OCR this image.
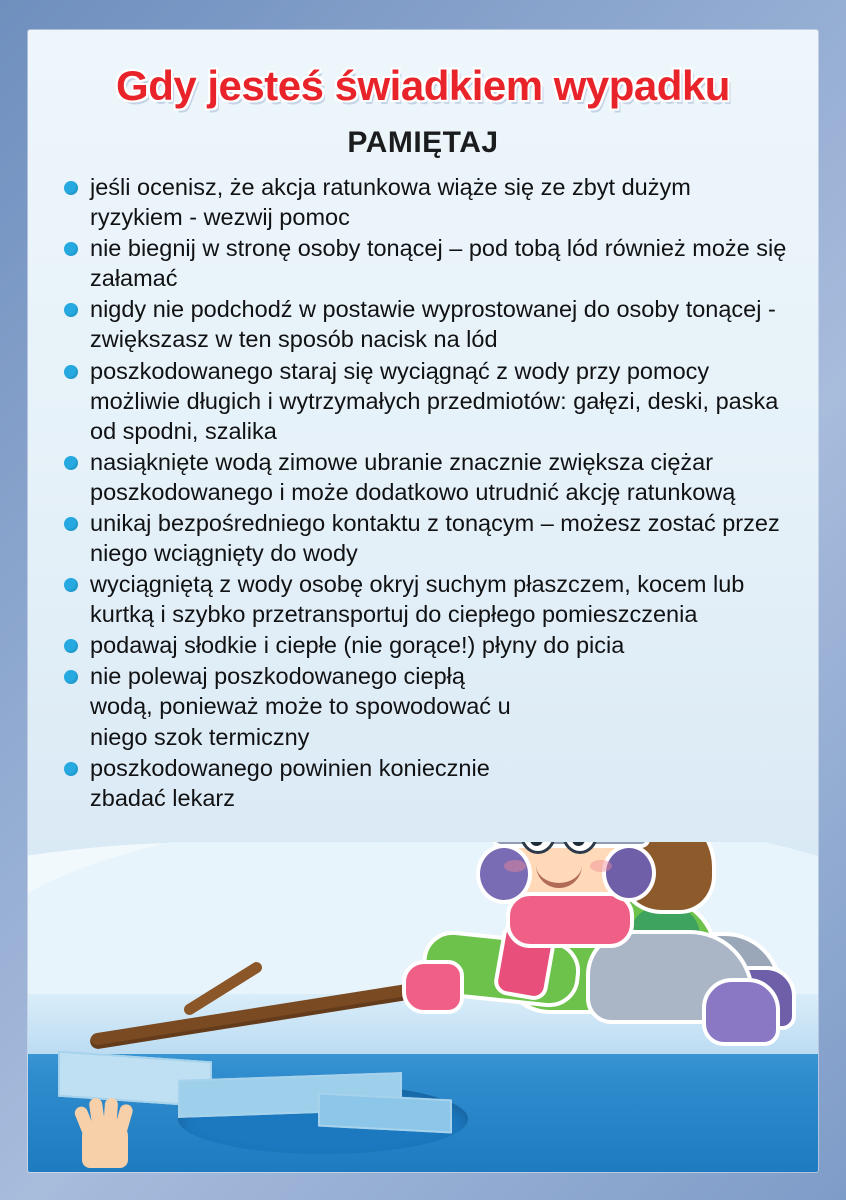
Gdy jesteś świadkiem wypadku
PAMIĘTAJ
jeśli ocenisz, że akcja ratunkowa wiąże się ze zbyt dużym ryzykiem - wezwij pomoc
nie biegnij w stronę osoby tonącej – pod tobą lód również może się załamać
nigdy nie podchodź w postawie wyprostowanej do osoby tonącej - zwiększasz w ten sposób nacisk na lód
poszkodowanego staraj się wyciągnąć z wody przy pomocy możliwie długich i wytrzymałych przedmiotów: gałęzi, deski, paska od spodni, szalika
nasiąknięte wodą zimowe ubranie znacznie zwiększa ciężar poszkodowanego i może dodatkowo utrudnić akcję ratunkową
unikaj bezpośredniego kontaktu z tonącym – możesz zostać przez niego wciągnięty do wody
wyciągniętą z wody osobę okryj suchym płaszczem, kocem lub kurtką i szybko przetransportuj do ciepłego pomieszczenia
podawaj słodkie i ciepłe (nie gorące!) płyny do picia
nie polewaj poszkodowanego ciepłą wodą, ponieważ może to spowodować u niego szok termiczny
poszkodowanego powinien koniecznie zbadać lekarz
